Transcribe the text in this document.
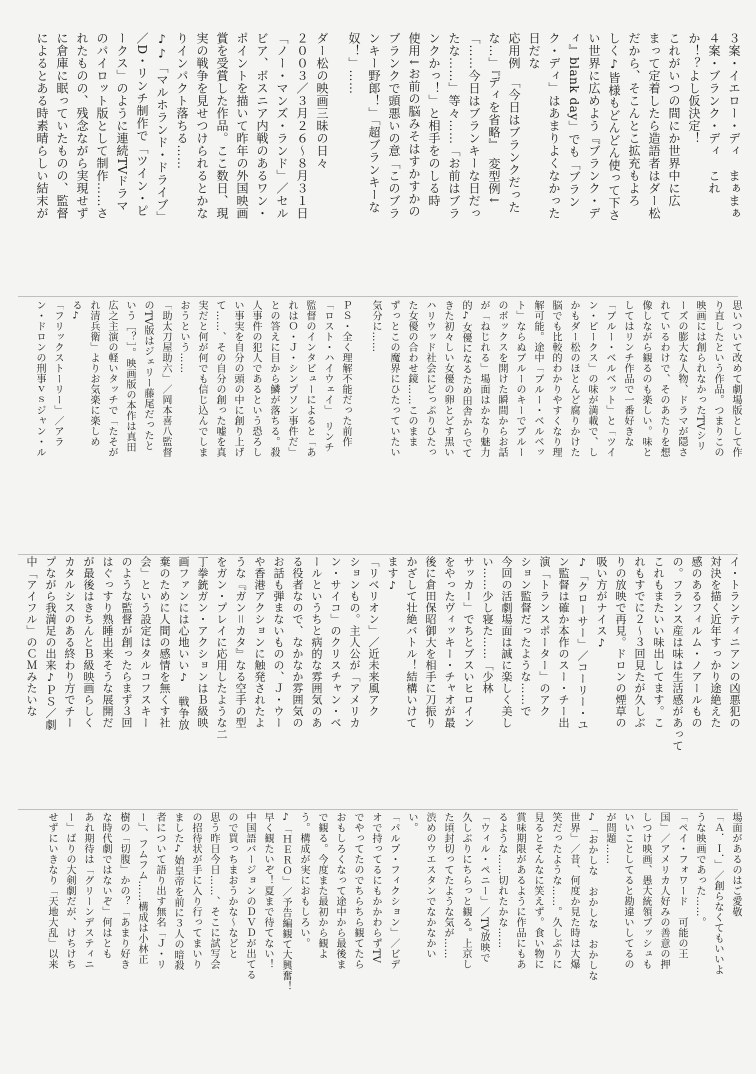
３案・イエロー・ディ　まぁまぁ
４案・ブランク・ディ　これ
か！？よし仮決定！
これがいつの間にか世界中に広
まって定着したら造語者はダー松
だから、そこんとこ拡充もよろ
しく♪皆様もどんどん使って下さ
い世界に広めよう『ブランク・デ
ィ』blank day」でも「ブラン
ク・ディ」はあまりよくなかった
日だな
応用例　「今日はブランクだった
な…」『ディを省略』　変型例↓
「……今日はブランキーな日だっ
たな……」等々……「お前はブラ
ンクかっ！」と相手をのしる時
使用↓お前の脳みそはすかすかの
ブランクで頭悪いの意「このブラ
ンキー野郎！」「超ブランキーな
奴！」……
ダー松の映画三昧の日々
２００３／３月２６〜８月３１日
「ノー・マンズ・ランド」／セル
ビア、ボスニア内戦のあるワン・
ポイントを描いて昨年の外国映画
賞を受賞した作品。ここ数日、現
実の戦争を見せつけられるとかな
りインパクト落ちる……
♪♪「マルホランド・ドライブ」
／D・リンチ制作で「ツイン・ピ
ークス」のように連続TVドラマ
のパイロット版として制作……さ
れたものの、残念ながら実現せず
に倉庫に眠っていたものの、監督
によるとある時素晴らしい結末が
思いついて改めて劇場版として作
り直したという作品。つまりこの
映画には創られなかったTVシリ
ーズの膨大な人物、ドラマが隠さ
れているわけで、そのあたりを想
像しながら観るのも楽しい。味と
してはリンチ作品で一番好きな
「ブルー・ベルベット」と「ツイ
ン・ピークス」の味が満載で、し
かもダー松のほとんど腐りかけた
脳でも比較的わかりやすくなり理
解可能。途中「ブルー・ベルベッ
ト」ならぬブルーのキーでブルー
のボックスを開けた瞬間からお話
が「ねじれる」場面はかなり魅力
的♪女優になるため田舎からでて
きた初々しい女優の卵とどす黒い
ハリウッド社会にどっぷりひたっ
た女優の合わせ鏡……このまま
ずっとこの魔界にひたっていたい
気分に……
ＰＳ・全く理解不能だった前作
「ロスト・ハイウェイ」　リンチ
監督のインタビューによると「あ
れはＯ・Ｊ・シンプソン事件だ」
との答えに目から鱗が落ちる。殺
人事件の犯人であるという恐ろし
い事実を自分の頭の中に創り上げ
て……、その自分の創った嘘を真
実だと何が何でも信じ込んでしま
おうという……
「助太刀屋助六」／岡本喜八監督
のTV版はジェリー藤尾だったと
いう［？］。映画版の本作は真田
広之主演の軽いタッチで「たそが
れ清兵衛」よりお気楽に楽しめ
る♪
「フリックストーリー」／アラ
ン・ドロンの刑事ｖｓジャン・ル
イ・トランティニアンの凶悪犯の
対決を描く近年すっかり途絶えた
感のあるフィルム・ノアールもの
の。フランス産は味は生活感があって
これもまたいい味出してます。こ
れもすでに２〜３回見たが久しぶ
りの放映で再見。ドロンの煙草の
吸い方がナイス♪
♪「クローサー」／コーリー・ユ
ン監督は確か本作のスー・チー出
演「トランスポーター」のアク
ション監督だったような……で
今回の活劇場面は誠に楽しく美し
い……少し寝た……「少林
サッカー」でちとブスいヒロイン
をやったヴィッキー・チャオが最
後に倉田保昭御大を相手に刀振り
かざして壮絶バトル！結構いけて
ます♪
「リベリオン」／近未来風アク
ションもの。主人公が「アメリカ
ン・サイコ」のクリスチャン・ベ
ールというちと病的な雰囲気のあ
る役者なので、なかなか雰囲気の
お話も弾まないものの、Ｊ・ウー
や香港アクションに触発されたよ
うな『ガン＝カタ』なる空手の型
をガン・プレイに応用したような二
丁拳銃ガン・アクションはＢ級映
画ファンには心地いい♪　戦争放
棄のために人間の感情を無くす社
会」という設定はタルコフスキー
のような監督が創ったらまず３回
はぐっすり熟睡出来そうな展開だ
が最後はきちんとＢ級映画らしく
カタルシスのある終わり方でチー
プながら我満足の出来♪ＰＳ／劇
中「アイフル」のＣＭみたいな
場面があるのはご愛敬
「Ａ．Ｉ．」／創らなくてもいいよ
うな映画であった……。
「ペイ・フォワード　可能の王
国」／アメリカ人好みの善意の押
しつけ映画、愚大統領ブッシュも
いいことしてると勘違いしてるの
が問題……
♪「おかしな　おかしな　おかしな
世界」／昔、何度か見た時は大爆
笑だったような……。久しぶりに
見るとそんなに笑えず。食い物に
賞味期限があるように作品にもあ
るような……切れたかな……
「ウィル・ペニー」／TV放映で
久しぶりにちらっと観る。上京し
た頃封切ってたような気が……
渋めのウエスタンでなかなかい
い。
「パルプ・フィクション」／ビデ
オで持ってるにもかかわらずTV
でやってたのでちらちら観てたら
おもしろくなって途中から最後ま
で観る。今度また最初から観よ
う。構成が実におもしろい。
♪「ＨＥＲＯ」／予告編観て大興奮！
早く観たいぞ！夏まで待てない！
中国語バージョンのＤＶＤが出てる
ので買っちまおうかな〜などと
思う昨日今日……、そこに試写会
の招待状が手に入り行ってまいり
ました♪始皇帝を前に３人の暗殺
者について語り出す無名「Ｊ・リ
ー」、フムフム……構成は小林正
樹の「切腹」かの？「あまり好き
な時代劇ではないぞ」何はとも
あれ期待は「グリーンデスティニ
ー」ばりの大剣劇だが、けちけち
せずにいきなり「天地大乱」以来
